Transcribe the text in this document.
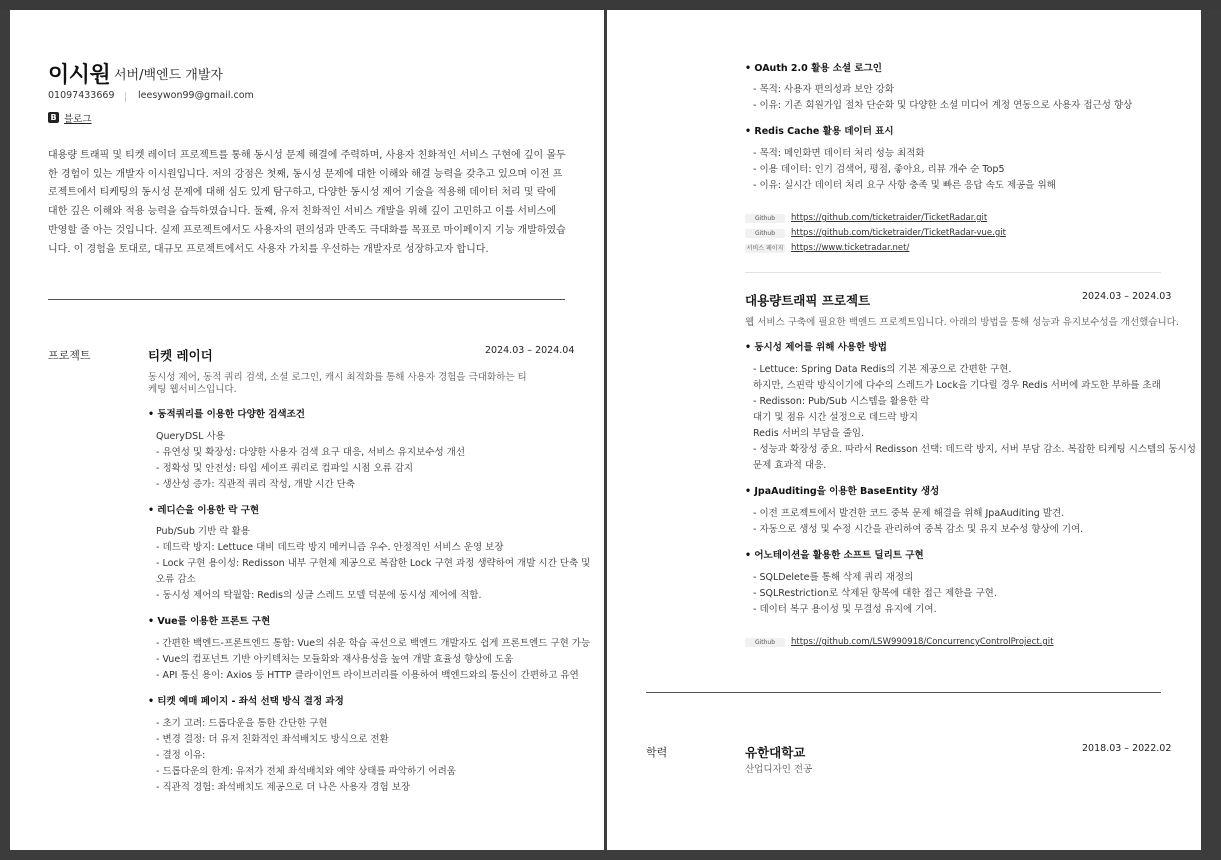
이시원 서버/백엔드 개발자
01097433669 leesywon99@gmail.com
B 블로그
대용량 트래픽 및 티켓 레이더 프로젝트를 통해 동시성 문제 해결에 주력하며, 사용자 친화적인 서비스 구현에 깊이 몰두한 경험이 있는 개발자 이시원입니다. 저의 강점은 첫째, 동시성 문제에 대한 이해와 해결 능력을 갖추고 있으며 이전 프로젝트에서 티케팅의 동시성 문제에 대해 심도 있게 탐구하고, 다양한 동시성 제어 기술을 적용해 데이터 처리 및 락에 대한 깊은 이해와 적용 능력을 습득하였습니다. 둘째, 유저 친화적인 서비스 개발을 위해 깊이 고민하고 이를 서비스에 반영할 줄 아는 것입니다. 실제 프로젝트에서도 사용자의 편의성과 만족도 극대화를 목표로 마이페이지 기능 개발하였습니다. 이 경험을 토대로, 대규모 프로젝트에서도 사용자 가치를 우선하는 개발자로 성장하고자 합니다.
프로젝트	티켓 레이더	2024.03 – 2024.04
동시성 제어, 동적 쿼리 검색, 소셜 로그인, 캐시 최적화를 통해 사용자 경험을 극대화하는 티케팅 웹서비스입니다.
• 동적쿼리를 이용한 다양한 검색조건
QueryDSL 사용
- 유연성 및 확장성: 다양한 사용자 검색 요구 대응, 서비스 유지보수성 개선
- 정확성 및 안전성: 타입 세이프 쿼리로 컴파일 시점 오류 감지
- 생산성 증가: 직관적 쿼리 작성, 개발 시간 단축
• 레디슨을 이용한 락 구현
Pub/Sub 기반 락 활용
- 데드락 방지: Lettuce 대비 데드락 방지 메커니즘 우수. 안정적인 서비스 운영 보장
- Lock 구현 용이성: Redisson 내부 구현체 제공으로 복잡한 Lock 구현 과정 생략하여 개발 시간 단축 및
오류 감소
- 동시성 제어의 탁월함: Redis의 싱글 스레드 모델 덕분에 동시성 제어에 적합.
• Vue를 이용한 프론트 구현
- 간편한 백엔드-프론트엔드 통합: Vue의 쉬운 학습 곡선으로 백엔드 개발자도 쉽게 프론트엔드 구현 가능
- Vue의 컴포넌트 기반 아키텍처는 모듈화와 재사용성을 높여 개발 효율성 향상에 도움
- API 통신 용이: Axios 등 HTTP 클라이언트 라이브러리를 이용하여 백엔드와의 통신이 간편하고 유연
• 티켓 예매 페이지 - 좌석 선택 방식 결정 과정
- 초기 고려: 드롭다운을 통한 간단한 구현
- 변경 결정: 더 유저 친화적인 좌석배치도 방식으로 전환
- 결정 이유:
- 드롭다운의 한계: 유저가 전체 좌석배치와 예약 상태를 파악하기 어려움
- 직관적 경험: 좌석배치도 제공으로 더 나은 사용자 경험 보장
• OAuth 2.0 활용 소셜 로그인
- 목적: 사용자 편의성과 보안 강화
- 이유: 기존 회원가입 절차 단순화 및 다양한 소셜 미디어 계정 연동으로 사용자 접근성 향상
• Redis Cache 활용 데이터 표시
- 목적: 메인화면 데이터 처리 성능 최적화
- 이용 데이터: 인기 검색어, 평점, 좋아요, 리뷰 개수 순 Top5
- 이유: 실시간 데이터 처리 요구 사항 충족 및 빠른 응답 속도 제공을 위해
Github	https://github.com/ticketraider/TicketRadar.git
Github	https://github.com/ticketraider/TicketRadar-vue.git
서비스 페이지 https://www.ticketradar.net/
대용량트래픽 프로젝트	2024.03 – 2024.03
웹 서비스 구축에 필요한 백엔드 프로젝트입니다. 아래의 방법을 통해 성능과 유지보수성을 개선했습니다.
• 동시성 제어를 위해 사용한 방법
- Lettuce: Spring Data Redis의 기본 제공으로 간편한 구현.
하지만, 스핀락 방식이기에 다수의 스레드가 Lock을 기다릴 경우 Redis 서버에 과도한 부하를 초래
- Redisson: Pub/Sub 시스템을 활용한 락
대기 및 점유 시간 설정으로 데드락 방지
Redis 서버의 부담을 줄임.
- 성능과 확장성 중요. 따라서 Redisson 선택: 데드락 방지, 서버 부담 감소. 복잡한 티케팅 시스템의 동시성
문제 효과적 대응.
• JpaAuditing을 이용한 BaseEntity 생성
- 이전 프로젝트에서 발견한 코드 중복 문제 해결을 위해 JpaAuditing 발견.
- 자동으로 생성 및 수정 시간을 관리하여 중복 감소 및 유지 보수성 향상에 기여.
• 어노테이션을 활용한 소프트 딜리트 구현
- SQLDelete를 통해 삭제 쿼리 재정의
- SQLRestriction로 삭제된 항목에 대한 접근 제한을 구현.
- 데이터 복구 용이성 및 무결성 유지에 기여.
Github	https://github.com/LSW990918/ConcurrencyControlProject.git
학력	유한대학교	2018.03 – 2022.02
산업디자인 전공
